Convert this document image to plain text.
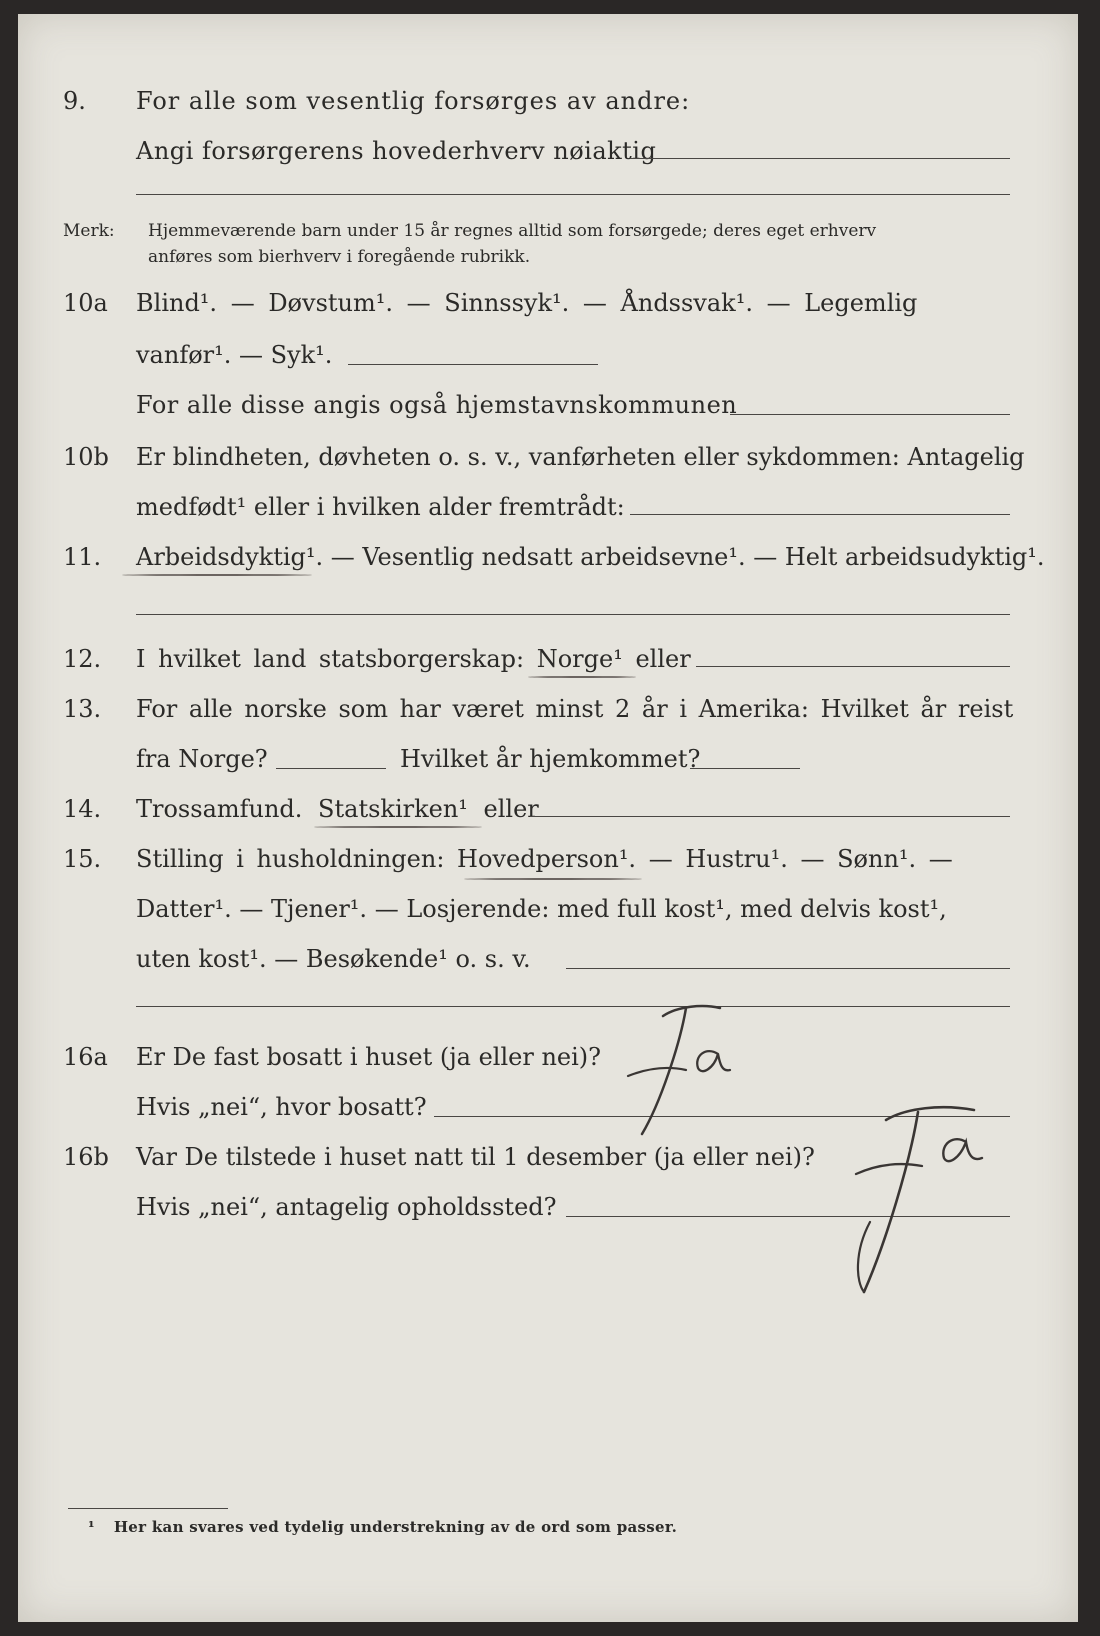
9.	For alle som vesentlig forsørges av andre:
Angi forsørgerens hovederhverv nøiaktig
Merk:	Hjemmeværende barn under 15 år regnes alltid som forsørgede; deres eget erhverv
anføres som bierhverv i foregående rubrikk.
10a	Blind¹. — Døvstum¹. — Sinnssyk¹. — Åndssvak¹. — Legemlig
vanfør¹. — Syk¹.
For alle disse angis også hjemstavnskommunen
10b	Er blindheten, døvheten o. s. v., vanførheten eller sykdommen: Antagelig
medfødt¹ eller i hvilken alder fremtrådt:
11.	Arbeidsdyktig¹. — Vesentlig nedsatt arbeidsevne¹. — Helt arbeidsudyktig¹.
12.	I hvilket land statsborgerskap: Norge¹ eller
13.	For alle norske som har været minst 2 år i Amerika: Hvilket år reist
fra Norge?	Hvilket år hjemkommet?
14.	Trossamfund. Statskirken¹ eller
15.	Stilling i husholdningen: Hovedperson¹. — Hustru¹. — Sønn¹. —
Datter¹. — Tjener¹. — Losjerende: med full kost¹, med delvis kost¹,
uten kost¹. — Besøkende¹ o. s. v.
16a	Er De fast bosatt i huset (ja eller nei)?
Hvis „nei“, hvor bosatt?
16b	Var De tilstede i huset natt til 1 desember (ja eller nei)?
Hvis „nei“, antagelig opholdssted?
¹ Her kan svares ved tydelig understrekning av de ord som passer.
